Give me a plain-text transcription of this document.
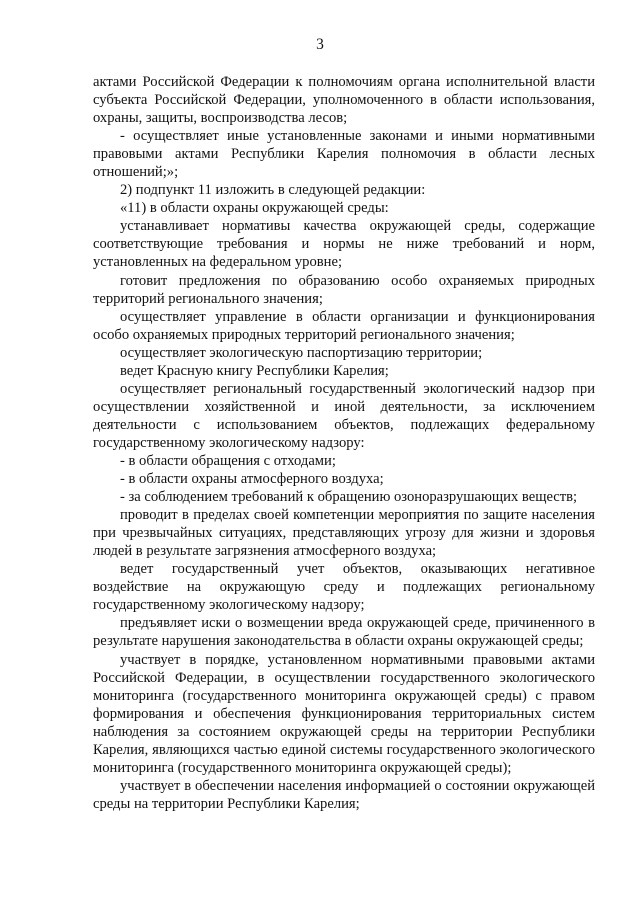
3

актами Российской Федерации к полномочиям органа исполнительной власти субъекта Российской Федерации, уполномоченного в области использования, охраны, защиты, воспроизводства лесов;

- осуществляет иные установленные законами и иными нормативными правовыми актами Республики Карелия полномочия в области лесных отношений;»;

2) подпункт 11 изложить в следующей редакции:

«11) в области охраны окружающей среды:

устанавливает нормативы качества окружающей среды, содержащие соответствующие требования и нормы не ниже требований и норм, установленных на федеральном уровне;

готовит предложения по образованию особо охраняемых природных территорий регионального значения;

осуществляет управление в области организации и функционирования особо охраняемых природных территорий регионального значения;

осуществляет экологическую паспортизацию территории;

ведет Красную книгу Республики Карелия;

осуществляет региональный государственный экологический надзор при осуществлении хозяйственной и иной деятельности, за исключением деятельности с использованием объектов, подлежащих федеральному государственному экологическому надзору:

- в области обращения с отходами;

- в области охраны атмосферного воздуха;

- за соблюдением требований к обращению озоноразрушающих веществ;

проводит в пределах своей компетенции мероприятия по защите населения при чрезвычайных ситуациях, представляющих угрозу для жизни и здоровья людей в результате загрязнения атмосферного воздуха;

ведет государственный учет объектов, оказывающих негативное воздействие на окружающую среду и подлежащих региональному государственному экологическому надзору;

предъявляет иски о возмещении вреда окружающей среде, причиненного в результате нарушения законодательства в области охраны окружающей среды;

участвует в порядке, установленном нормативными правовыми актами Российской Федерации, в осуществлении государственного экологического мониторинга (государственного мониторинга окружающей среды) с правом формирования и обеспечения функционирования территориальных систем наблюдения за состоянием окружающей среды на территории Республики Карелия, являющихся частью единой системы государственного экологического мониторинга (государственного мониторинга окружающей среды);

участвует в обеспечении населения информацией о состоянии окружающей среды на территории Республики Карелия;
